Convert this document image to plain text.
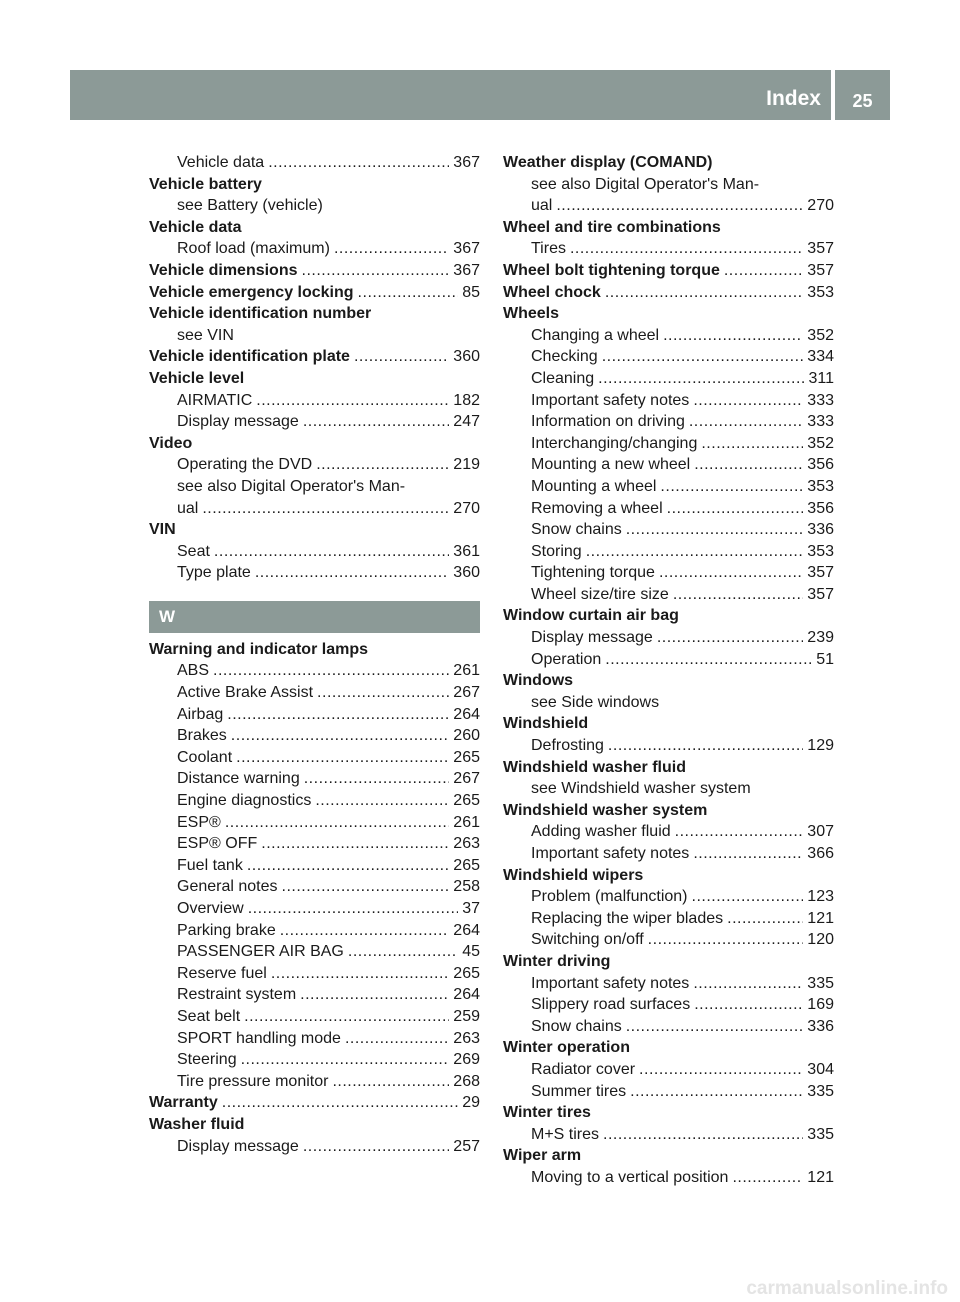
Index	25
Vehicle data .....	367
Vehicle battery
see Battery (vehicle)
Vehicle data
Roof load (maximum) .....	367
Vehicle dimensions .....	367
Vehicle emergency locking .....	85
Vehicle identification number
see VIN
Vehicle identification plate .....	360
Vehicle level
AIRMATIC .....	182
Display message .....	247
Video
Operating the DVD .....	219
see also Digital Operator's Man-
ual .....	270
VIN
Seat .....	361
Type plate .....	360
W
Warning and indicator lamps
ABS .....	261
Active Brake Assist .....	267
Airbag .....	264
Brakes .....	260
Coolant .....	265
Distance warning .....	267
Engine diagnostics .....	265
ESP® .....	261
ESP® OFF .....	263
Fuel tank .....	265
General notes .....	258
Overview .....	37
Parking brake .....	264
PASSENGER AIR BAG .....	45
Reserve fuel .....	265
Restraint system .....	264
Seat belt .....	259
SPORT handling mode .....	263
Steering .....	269
Tire pressure monitor .....	268
Warranty .....	29
Washer fluid
Display message .....	257
Weather display (COMAND)
see also Digital Operator's Man-
ual .....	270
Wheel and tire combinations
Tires .....	357
Wheel bolt tightening torque .....	357
Wheel chock .....	353
Wheels
Changing a wheel .....	352
Checking .....	334
Cleaning .....	311
Important safety notes .....	333
Information on driving .....	333
Interchanging/changing .....	352
Mounting a new wheel .....	356
Mounting a wheel .....	353
Removing a wheel .....	356
Snow chains .....	336
Storing .....	353
Tightening torque .....	357
Wheel size/tire size .....	357
Window curtain air bag
Display message .....	239
Operation .....	51
Windows
see Side windows
Windshield
Defrosting .....	129
Windshield washer fluid
see Windshield washer system
Windshield washer system
Adding washer fluid .....	307
Important safety notes .....	366
Windshield wipers
Problem (malfunction) .....	123
Replacing the wiper blades .....	121
Switching on/off .....	120
Winter driving
Important safety notes .....	335
Slippery road surfaces .....	169
Snow chains .....	336
Winter operation
Radiator cover .....	304
Summer tires .....	335
Winter tires
M+S tires .....	335
Wiper arm
Moving to a vertical position .....	121
carmanualsonline.info
